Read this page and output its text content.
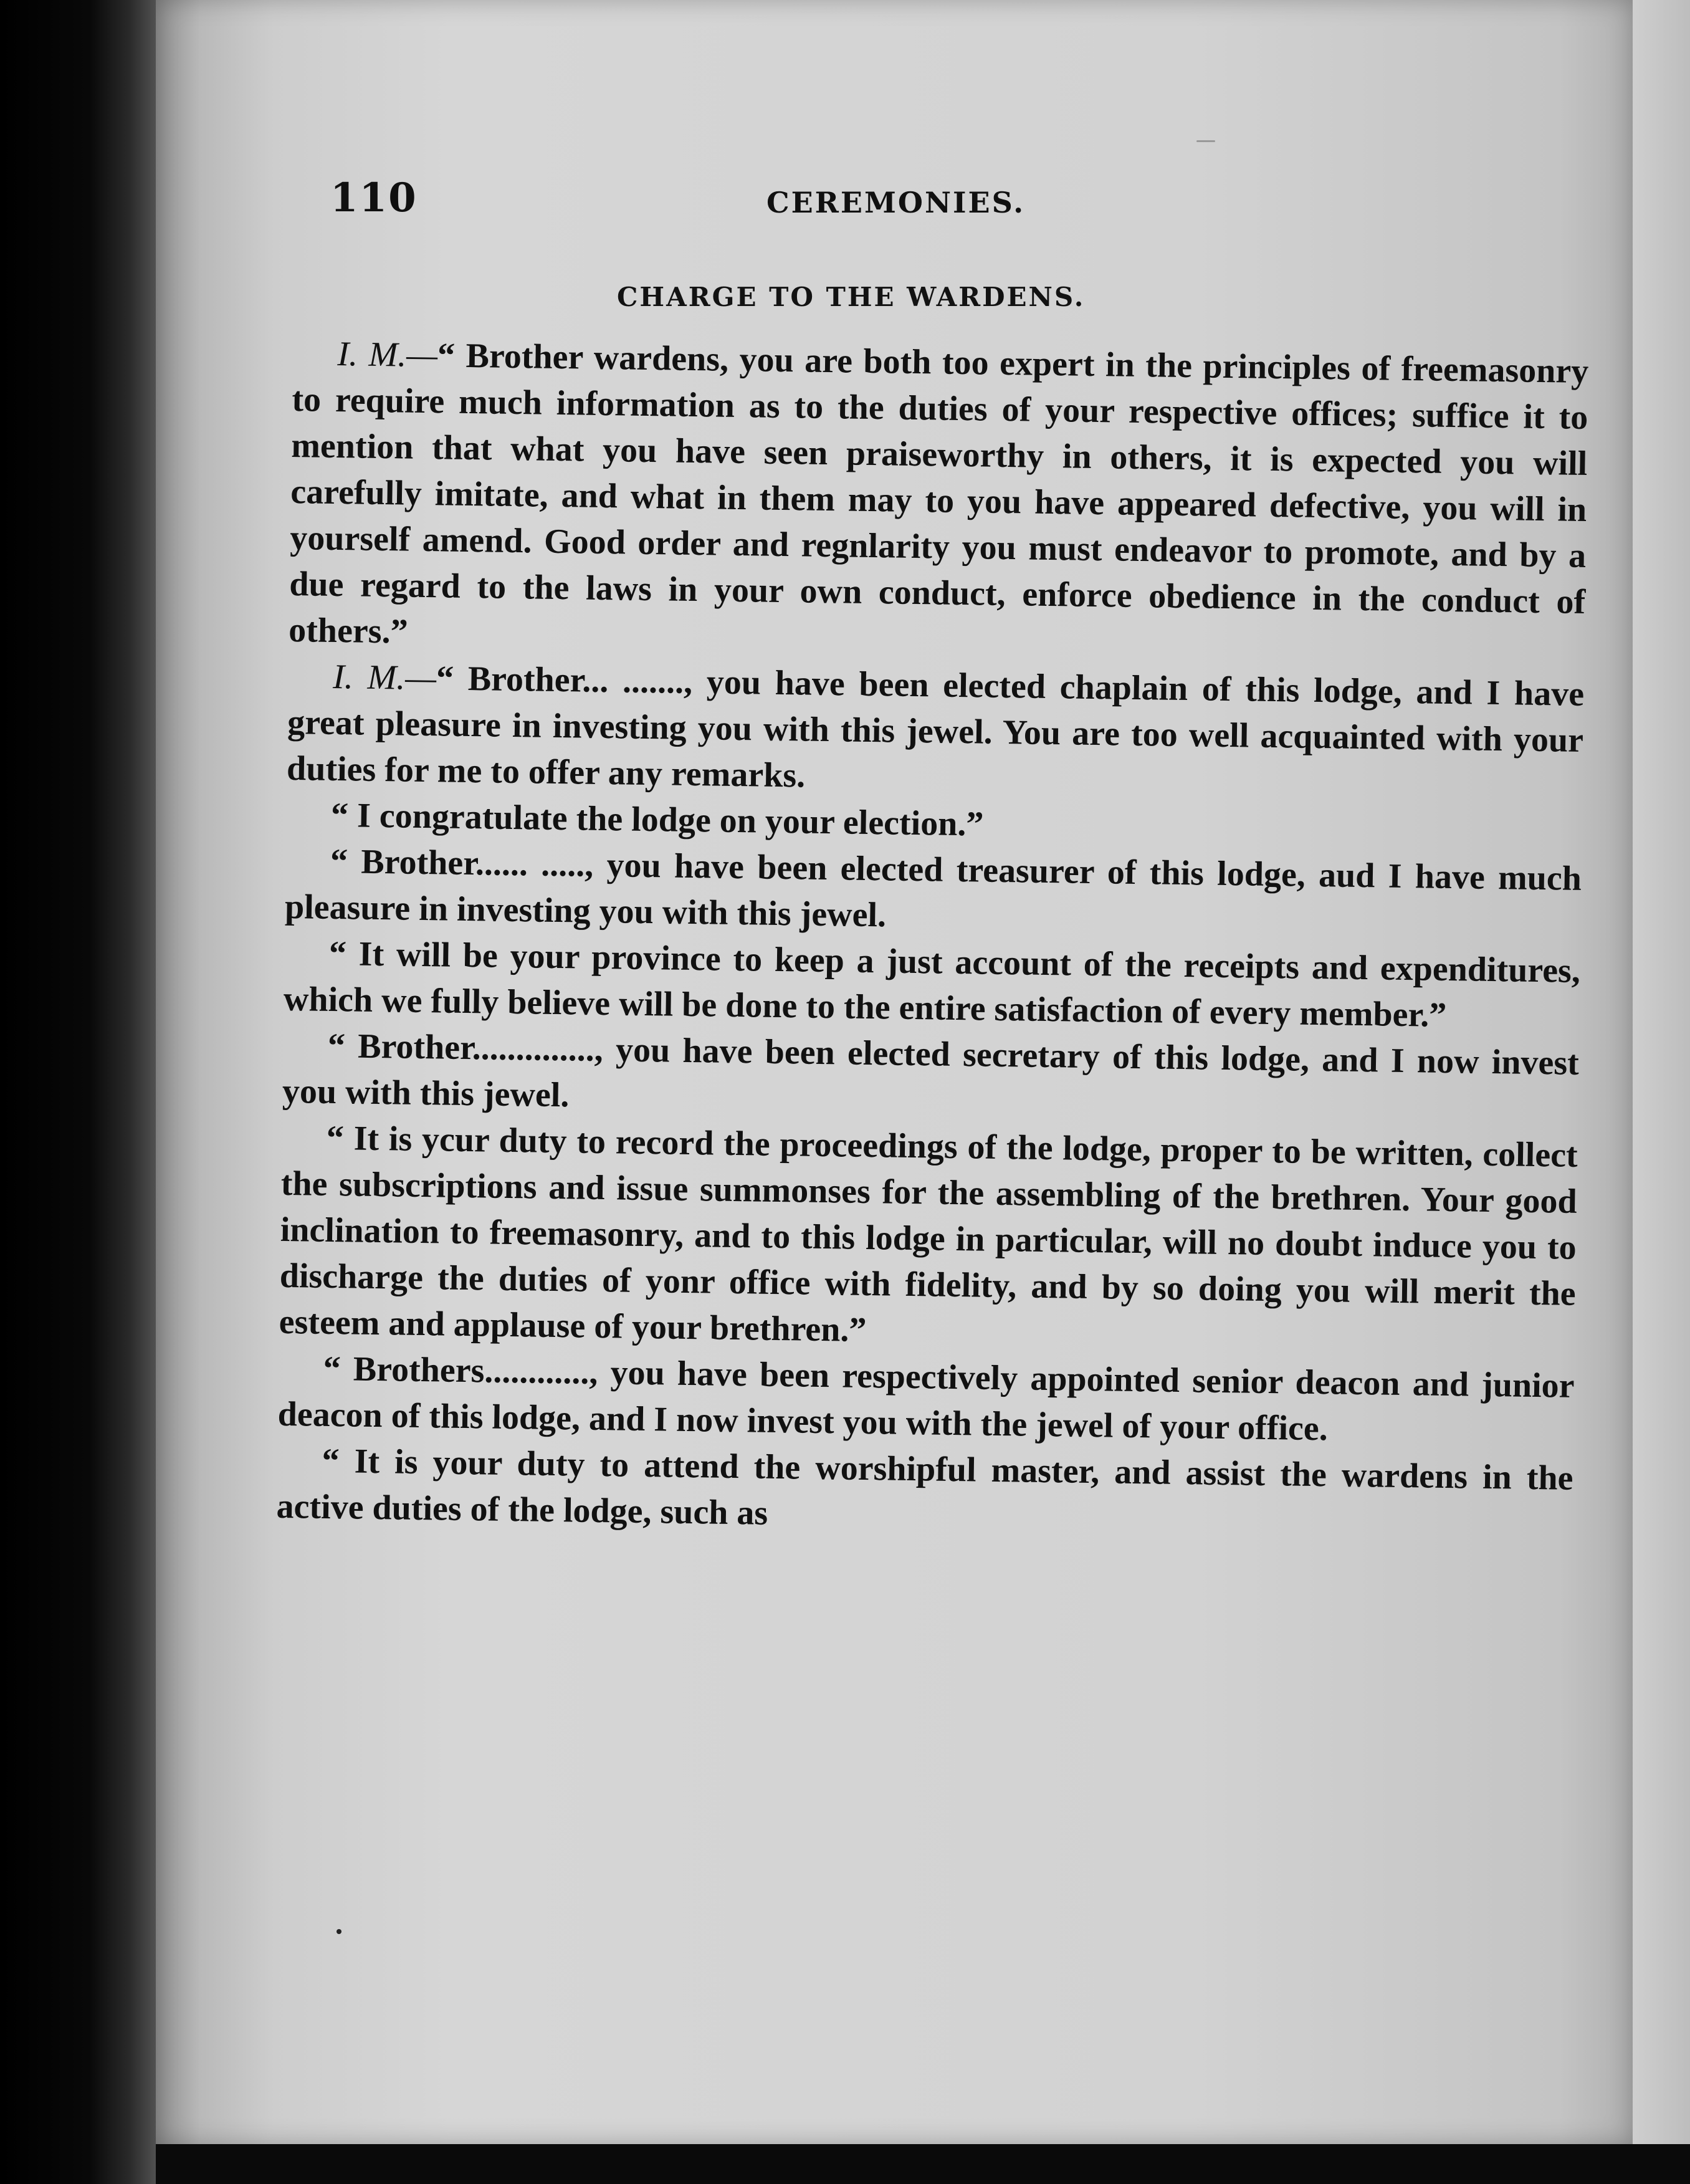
110	CEREMONIES.
CHARGE TO THE WARDENS.

I. M.—“ Brother wardens, you are both too expert in the principles of freemasonry to require much information as to the duties of your respective offices; suffice it to mention that what you have seen praiseworthy in others, it is expected you will carefully imitate, and what in them may to you have appeared defective, you will in yourself amend. Good order and regnlarity you must endeavor to promote, and by a due regard to the laws in your own conduct, enforce obedience in the conduct of others.”

I. M.—“ Brother... ......., you have been elected chaplain of this lodge, and I have great pleasure in investing you with this jewel. You are too well acquainted with your duties for me to offer any remarks.

“ I congratulate the lodge on your election.”

“ Brother...... ....., you have been elected treasurer of this lodge, aud I have much pleasure in investing you with this jewel.

“ It will be your province to keep a just account of the receipts and expenditures, which we fully believe will be done to the entire satisfaction of every member.”

“ Brother.............., you have been elected secretary of this lodge, and I now invest you with this jewel.

“ It is ycur duty to record the proceedings of the lodge, proper to be written, collect the subscriptions and issue summonses for the assembling of the brethren. Your good inclination to freemasonry, and to this lodge in particular, will no doubt induce you to discharge the duties of yonr office with fidelity, and by so doing you will merit the esteem and applause of your brethren.”

“ Brothers............, you have been respectively appointed senior deacon and junior deacon of this lodge, and I now invest you with the jewel of your office.

“ It is your duty to attend the worshipful master, and assist the wardens in the active duties of the lodge, such as
